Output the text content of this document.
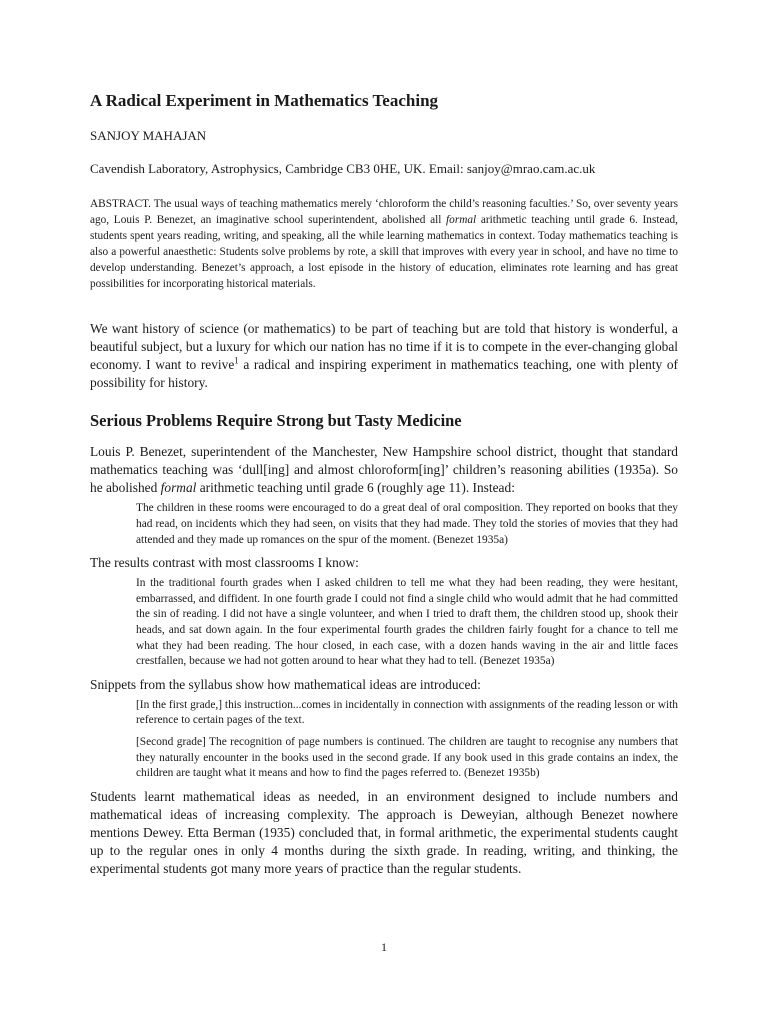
A Radical Experiment in Mathematics Teaching

SANJOY MAHAJAN

Cavendish Laboratory, Astrophysics, Cambridge CB3 0HE, UK. Email: sanjoy@mrao.cam.ac.uk

ABSTRACT. The usual ways of teaching mathematics merely ‘chloroform the child’s reasoning faculties.’ So, over seventy years ago, Louis P. Benezet, an imaginative school superintendent, abolished all formal arithmetic teaching until grade 6. Instead, students spent years reading, writing, and speaking, all the while learning mathematics in context. Today mathematics teaching is also a powerful anaesthetic: Students solve problems by rote, a skill that improves with every year in school, and have no time to develop understanding. Benezet’s approach, a lost episode in the history of education, eliminates rote learning and has great possibilities for incorporating historical materials.

We want history of science (or mathematics) to be part of teaching but are told that history is wonderful, a beautiful subject, but a luxury for which our nation has no time if it is to compete in the ever-changing global economy. I want to revive$^1$ a radical and inspiring experiment in mathematics teaching, one with plenty of possibility for history.

Serious Problems Require Strong but Tasty Medicine

Louis P. Benezet, superintendent of the Manchester, New Hampshire school district, thought that standard mathematics teaching was ‘dull[ing] and almost chloroform[ing]’ children’s reasoning abilities (1935a). So he abolished formal arithmetic teaching until grade 6 (roughly age 11). Instead:

The children in these rooms were encouraged to do a great deal of oral composition. They reported on books that they had read, on incidents which they had seen, on visits that they had made. They told the stories of movies that they had attended and they made up romances on the spur of the moment. (Benezet 1935a)

The results contrast with most classrooms I know:

In the traditional fourth grades when I asked children to tell me what they had been reading, they were hesitant, embarrassed, and diffident. In one fourth grade I could not find a single child who would admit that he had committed the sin of reading. I did not have a single volunteer, and when I tried to draft them, the children stood up, shook their heads, and sat down again. In the four experimental fourth grades the children fairly fought for a chance to tell me what they had been reading. The hour closed, in each case, with a dozen hands waving in the air and little faces crestfallen, because we had not gotten around to hear what they had to tell. (Benezet 1935a)

Snippets from the syllabus show how mathematical ideas are introduced:

[In the first grade,] this instruction...comes in incidentally in connection with assignments of the reading lesson or with reference to certain pages of the text.

[Second grade] The recognition of page numbers is continued. The children are taught to recognise any numbers that they naturally encounter in the books used in the second grade. If any book used in this grade contains an index, the children are taught what it means and how to find the pages referred to. (Benezet 1935b)

Students learnt mathematical ideas as needed, in an environment designed to include numbers and mathematical ideas of increasing complexity. The approach is Deweyian, although Benezet nowhere mentions Dewey. Etta Berman (1935) concluded that, in formal arithmetic, the experimental students caught up to the regular ones in only 4 months during the sixth grade. In reading, writing, and thinking, the experimental students got many more years of practice than the regular students.

1
